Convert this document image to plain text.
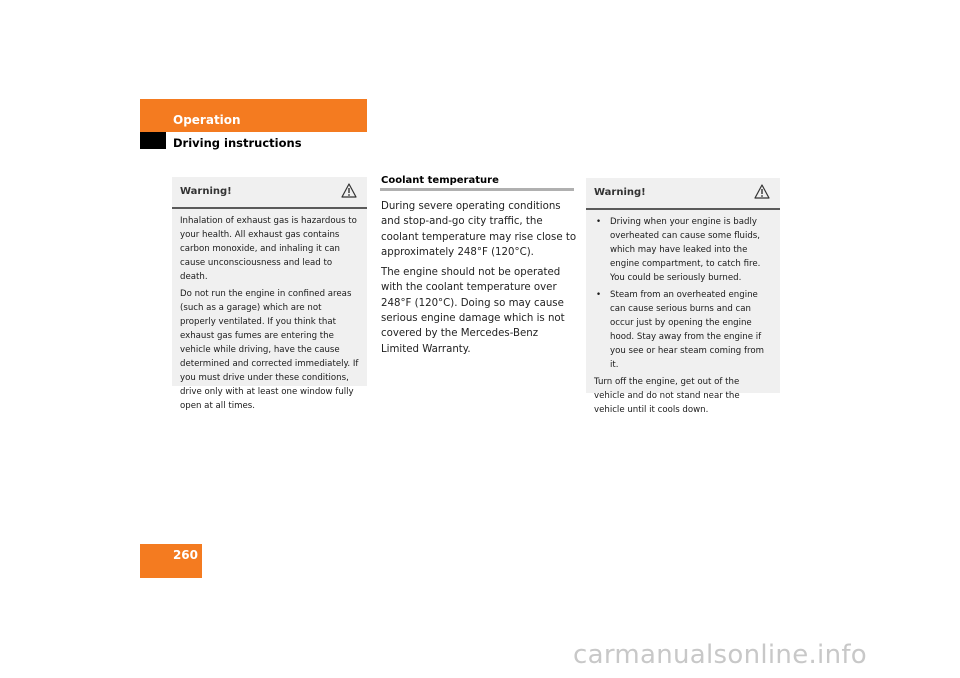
Operation
Driving instructions
Warning!

Inhalation of exhaust gas is hazardous to your health. All exhaust gas contains carbon monoxide, and inhaling it can cause unconsciousness and lead to death.

Do not run the engine in confined areas (such as a garage) which are not properly ventilated. If you think that exhaust gas fumes are entering the vehicle while driving, have the cause determined and corrected immediately. If you must drive under these conditions, drive only with at least one window fully open at all times.

Coolant temperature

During severe operating conditions and stop-and-go city traffic, the coolant temperature may rise close to approximately 248°F (120°C).

The engine should not be operated with the coolant temperature over 248°F (120°C). Doing so may cause serious engine damage which is not covered by the Mercedes-Benz Limited Warranty.

Warning!
• Driving when your engine is badly overheated can cause some fluids, which may have leaked into the engine compartment, to catch fire. You could be seriously burned.
• Steam from an overheated engine can cause serious burns and can occur just by opening the engine hood. Stay away from the engine if you see or hear steam coming from it.

Turn off the engine, get out of the vehicle and do not stand near the vehicle until it cools down.

260
carmanualsonline.info
